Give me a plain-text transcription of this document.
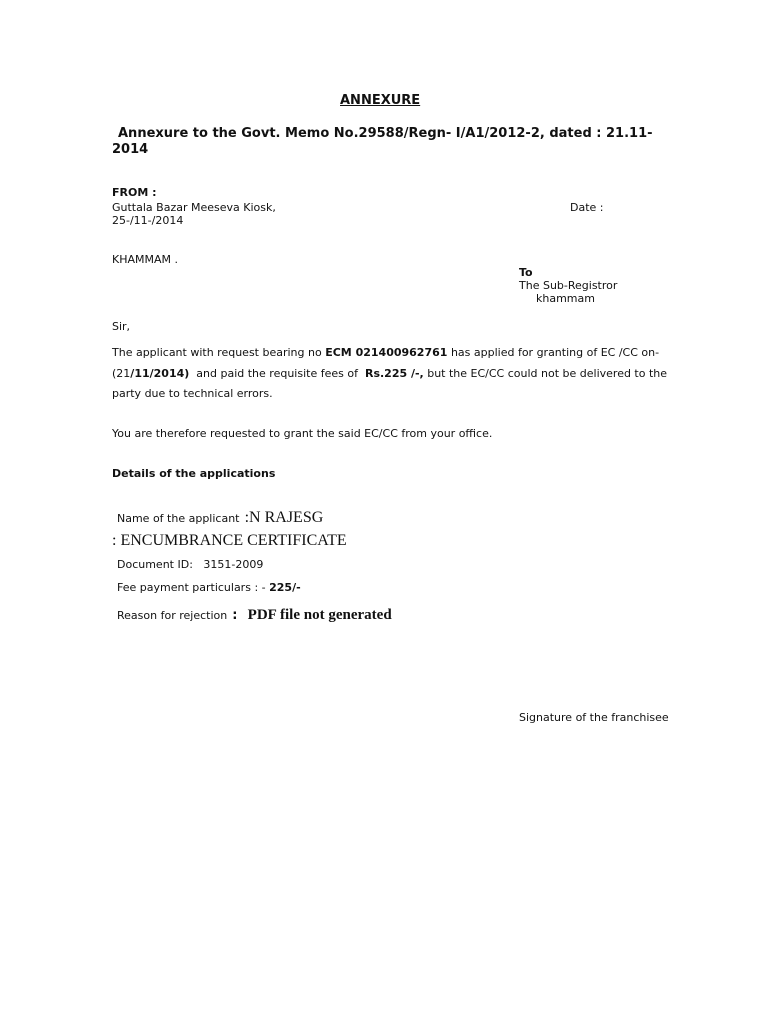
ANNEXURE
Annexure to the Govt. Memo No.29588/Regn- I/A1/2012-2, dated : 21.11-
2014
FROM :
Guttala Bazar Meeseva Kiosk,	Date :
25-/11-/2014
KHAMMAM .
To
The Sub-Registror
khammam
Sir,
The applicant with request bearing no ECM 021400962761 has applied for granting of EC /CC on-
(21/11/2014) and paid the requisite fees of Rs.225 /-, but the EC/CC could not be delivered to the
party due to technical errors.
You are therefore requested to grant the said EC/CC from your office.
Details of the applications
Name of the applicant :N RAJESG
: ENCUMBRANCE CERTIFICATE
Document ID: 3151-2009
Fee payment particulars : - 225/-
Reason for rejection : PDF file not generated
Signature of the franchisee
